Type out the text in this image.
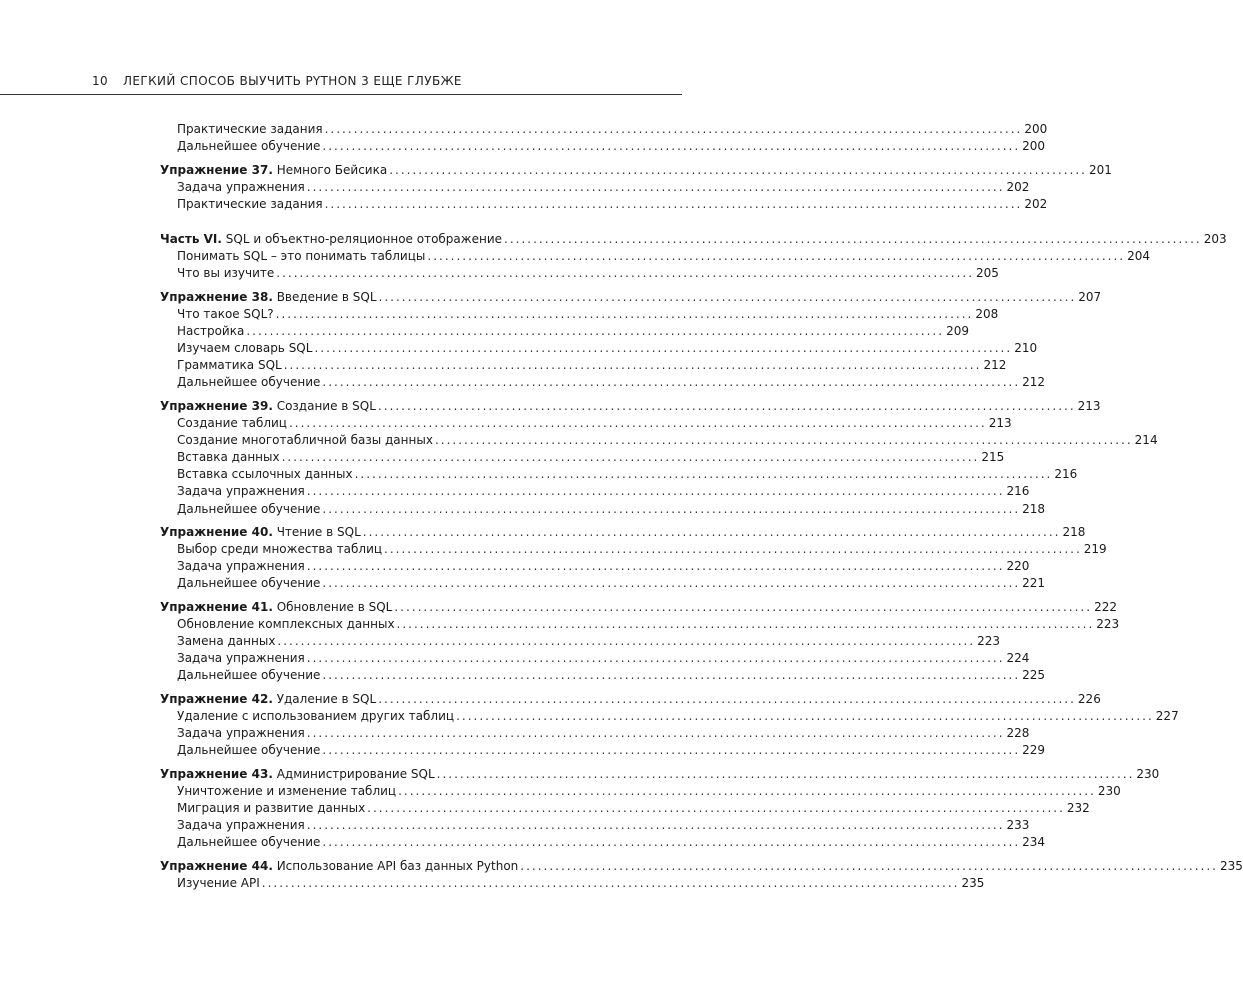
10 ЛЕГКИЙ СПОСОБ ВЫУЧИТЬ PYTHON 3 ЕЩЕ ГЛУБЖЕ
Практические задания ........................................................................................................................ 200
Дальнейшее обучение ........................................................................................................................ 200
Упражнение 37. Немного Бейсика ........................................................................................................................ 201
Задача упражнения ........................................................................................................................ 202
Практические задания ........................................................................................................................ 202
Часть VI. SQL и объектно-реляционное отображение ........................................................................................................................ 203
Понимать SQL – это понимать таблицы ........................................................................................................................ 204
Что вы изучите ........................................................................................................................ 205
Упражнение 38. Введение в SQL ........................................................................................................................ 207
Что такое SQL? ........................................................................................................................ 208
Настройка ........................................................................................................................ 209
Изучаем словарь SQL ........................................................................................................................ 210
Грамматика SQL ........................................................................................................................ 212
Дальнейшее обучение ........................................................................................................................ 212
Упражнение 39. Создание в SQL ........................................................................................................................ 213
Создание таблиц ........................................................................................................................ 213
Создание многотабличной базы данных ........................................................................................................................ 214
Вставка данных ........................................................................................................................ 215
Вставка ссылочных данных ........................................................................................................................ 216
Задача упражнения ........................................................................................................................ 216
Дальнейшее обучение ........................................................................................................................ 218
Упражнение 40. Чтение в SQL ........................................................................................................................ 218
Выбор среди множества таблиц ........................................................................................................................ 219
Задача упражнения ........................................................................................................................ 220
Дальнейшее обучение ........................................................................................................................ 221
Упражнение 41. Обновление в SQL ........................................................................................................................ 222
Обновление комплексных данных ........................................................................................................................ 223
Замена данных ........................................................................................................................ 223
Задача упражнения ........................................................................................................................ 224
Дальнейшее обучение ........................................................................................................................ 225
Упражнение 42. Удаление в SQL ........................................................................................................................ 226
Удаление с использованием других таблиц ........................................................................................................................ 227
Задача упражнения ........................................................................................................................ 228
Дальнейшее обучение ........................................................................................................................ 229
Упражнение 43. Администрирование SQL ........................................................................................................................ 230
Уничтожение и изменение таблиц ........................................................................................................................ 230
Миграция и развитие данных ........................................................................................................................ 232
Задача упражнения ........................................................................................................................ 233
Дальнейшее обучение ........................................................................................................................ 234
Упражнение 44. Использование API баз данных Python ........................................................................................................................ 235
Изучение API ........................................................................................................................ 235
